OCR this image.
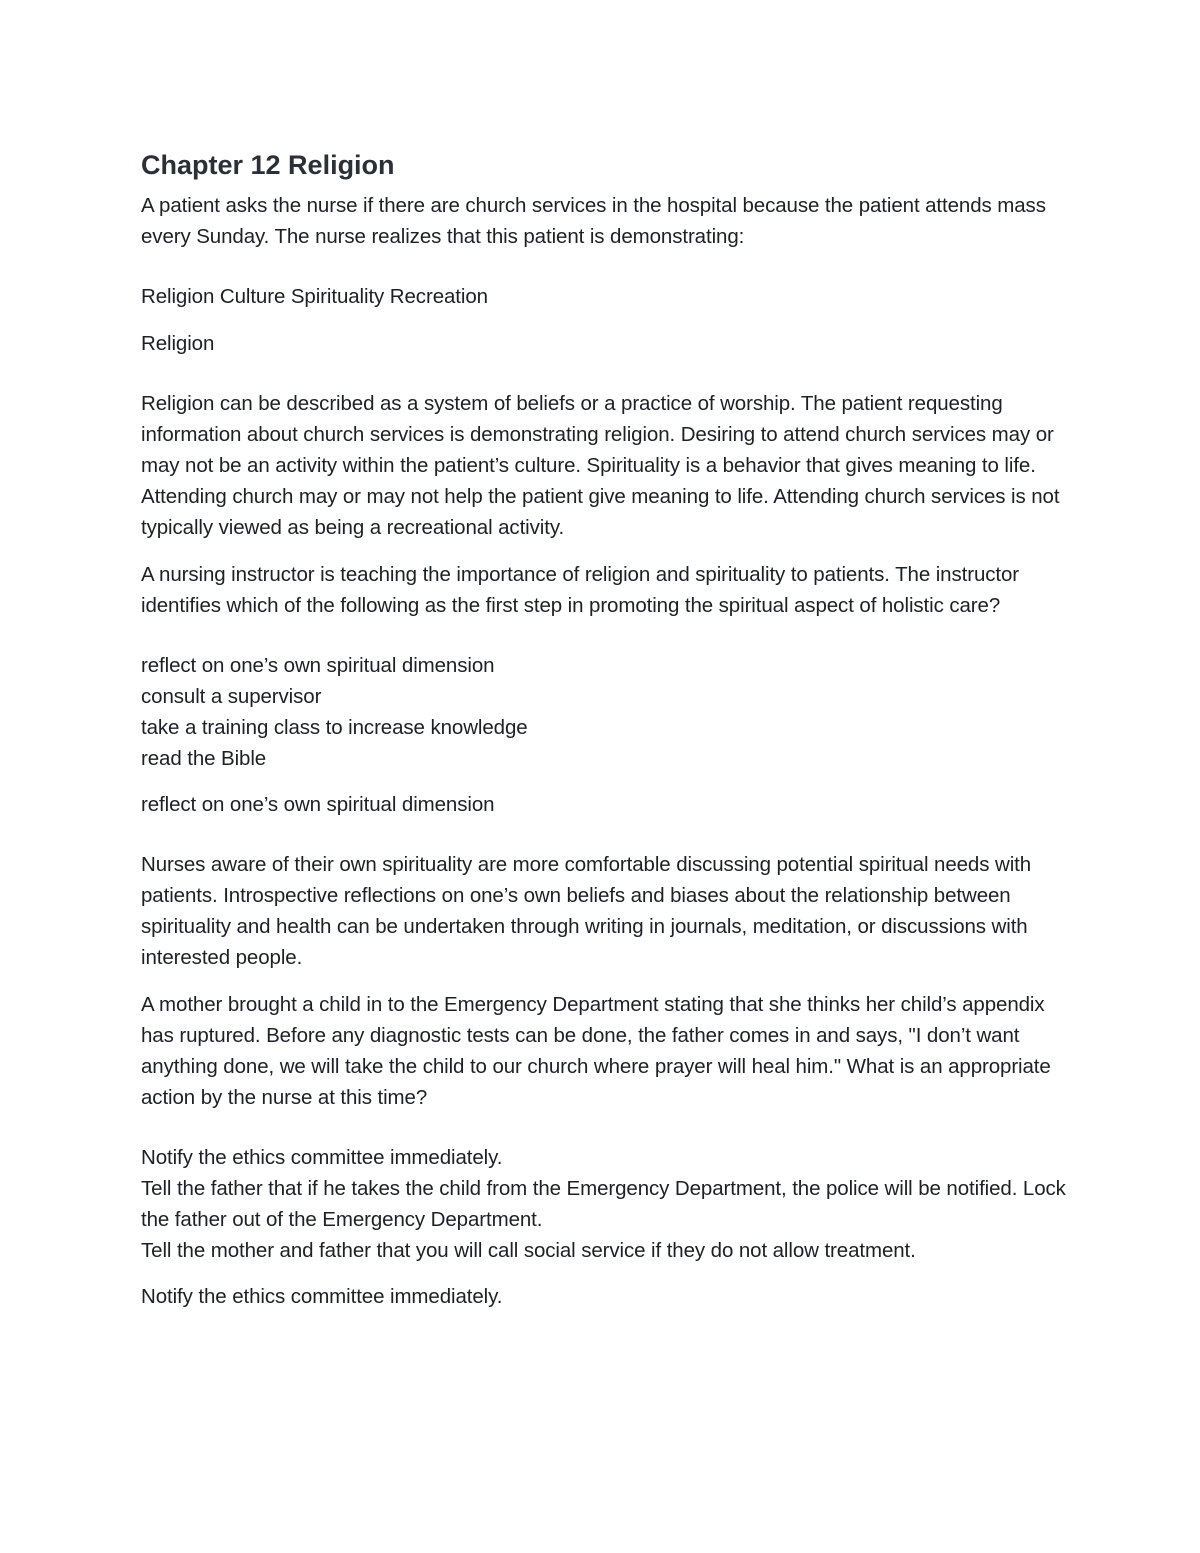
Chapter 12 Religion

A patient asks the nurse if there are church services in the hospital because the patient attends mass every Sunday. The nurse realizes that this patient is demonstrating:

Religion Culture Spirituality Recreation

Religion

Religion can be described as a system of beliefs or a practice of worship. The patient requesting information about church services is demonstrating religion. Desiring to attend church services may or may not be an activity within the patient’s culture. Spirituality is a behavior that gives meaning to life. Attending church may or may not help the patient give meaning to life. Attending church services is not typically viewed as being a recreational activity.

A nursing instructor is teaching the importance of religion and spirituality to patients. The instructor identifies which of the following as the first step in promoting the spiritual aspect of holistic care?

reflect on one’s own spiritual dimension
consult a supervisor
take a training class to increase knowledge
read the Bible

reflect on one’s own spiritual dimension

Nurses aware of their own spirituality are more comfortable discussing potential spiritual needs with patients. Introspective reflections on one’s own beliefs and biases about the relationship between spirituality and health can be undertaken through writing in journals, meditation, or discussions with interested people.

A mother brought a child in to the Emergency Department stating that she thinks her child’s appendix has ruptured. Before any diagnostic tests can be done, the father comes in and says, "I don’t want anything done, we will take the child to our church where prayer will heal him." What is an appropriate action by the nurse at this time?

Notify the ethics committee immediately.
Tell the father that if he takes the child from the Emergency Department, the police will be notified. Lock the father out of the Emergency Department.
Tell the mother and father that you will call social service if they do not allow treatment.

Notify the ethics committee immediately.
